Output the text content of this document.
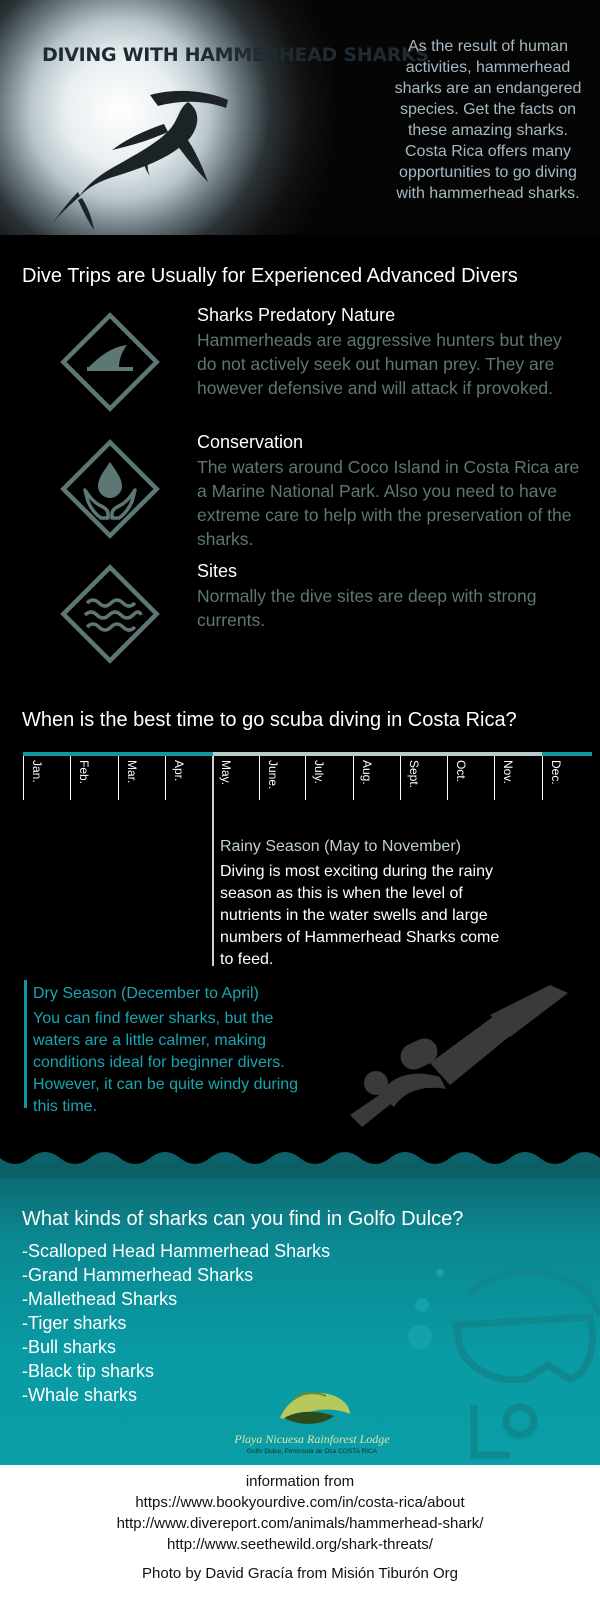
DIVING WITH HAMMERHEAD SHARKS
As the result of human activities, hammerhead sharks are an endangered species. Get the facts on these amazing sharks. Costa Rica offers many opportunities to go diving with hammerhead sharks.
Dive Trips are Usually for Experienced Advanced Divers
Sharks Predatory Nature
Hammerheads are aggressive hunters but they do not actively seek out human prey. They are however defensive and will attack if provoked.
Conservation
The waters around Coco Island in Costa Rica are a Marine National Park. Also you need to have extreme care to help with the preservation of the sharks.
Sites
Normally the dive sites are deep with strong currents.
When is the best time to go scuba diving in Costa Rica?
Jan.	Feb.	Mar.	Apr.	May.	June.	July.	Aug.	Sept.	Oct.	Nov.	Dec.
Rainy Season (May to November)
Diving is most exciting during the rainy season as this is when the level of nutrients in the water swells and large numbers of Hammerhead Sharks come to feed.
Dry Season (December to April)
You can find fewer sharks, but the waters are a little calmer, making conditions ideal for beginner divers. However, it can be quite windy during this time.
What kinds of sharks can you find in Golfo Dulce?
-Scalloped Head Hammerhead Sharks
-Grand Hammerhead Sharks
-Mallethead Sharks
-Tiger sharks
-Bull sharks
-Black tip sharks
-Whale sharks
Playa Nicuesa Rainforest Lodge
Golfo Dulce, Península de Osa COSTA RICA
information from
https://www.bookyourdive.com/in/costa-rica/about
http://www.divereport.com/animals/hammerhead-shark/
http://www.seethewild.org/shark-threats/
Photo by David Gracía from Misión Tiburón Org
